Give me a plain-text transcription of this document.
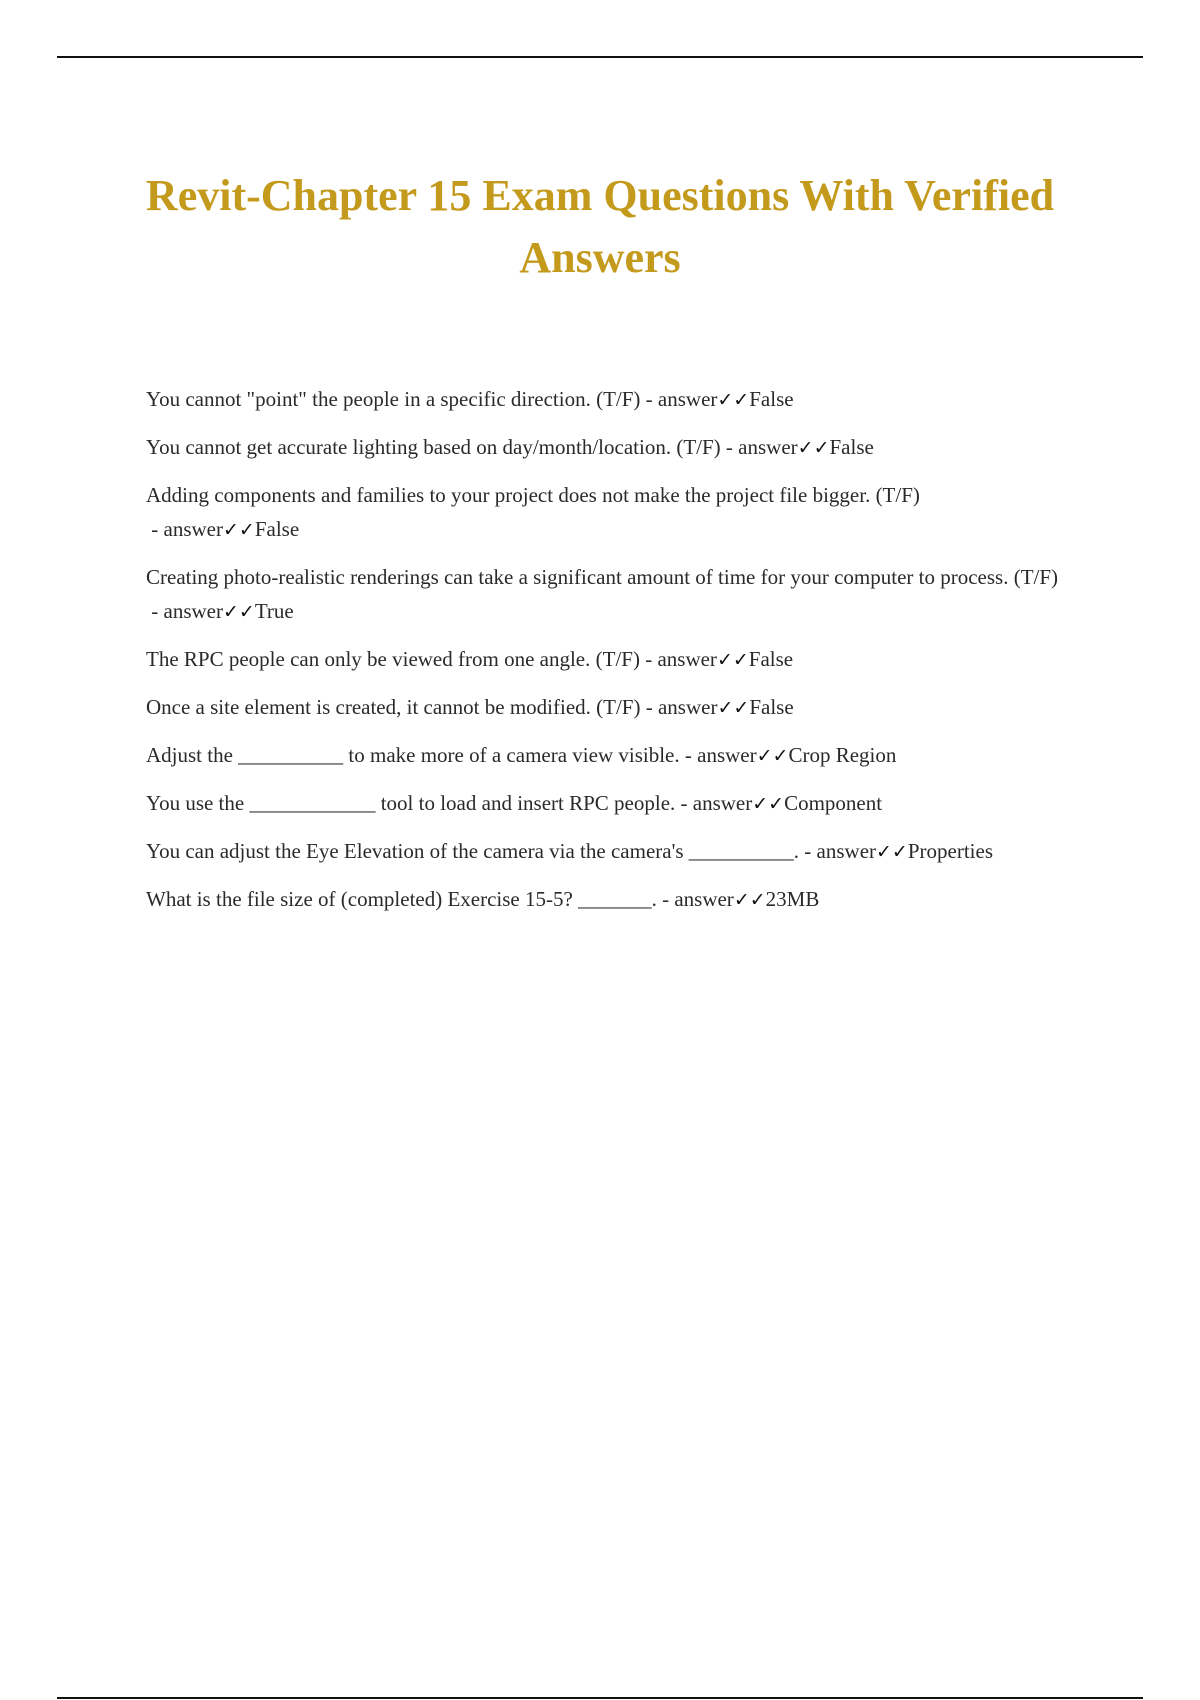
Revit-Chapter 15 Exam Questions With Verified Answers
You cannot "point" the people in a specific direction. (T/F) - answer✓✓False
You cannot get accurate lighting based on day/month/location. (T/F) - answer✓✓False
Adding components and families to your project does not make the project file bigger. (T/F) - answer✓✓False
Creating photo-realistic renderings can take a significant amount of time for your computer to process. (T/F) - answer✓✓True
The RPC people can only be viewed from one angle. (T/F) - answer✓✓False
Once a site element is created, it cannot be modified. (T/F) - answer✓✓False
Adjust the __________ to make more of a camera view visible. - answer✓✓Crop Region
You use the ____________ tool to load and insert RPC people. - answer✓✓Component
You can adjust the Eye Elevation of the camera via the camera's __________. - answer✓✓Properties
What is the file size of (completed) Exercise 15-5? _______. - answer✓✓23MB
